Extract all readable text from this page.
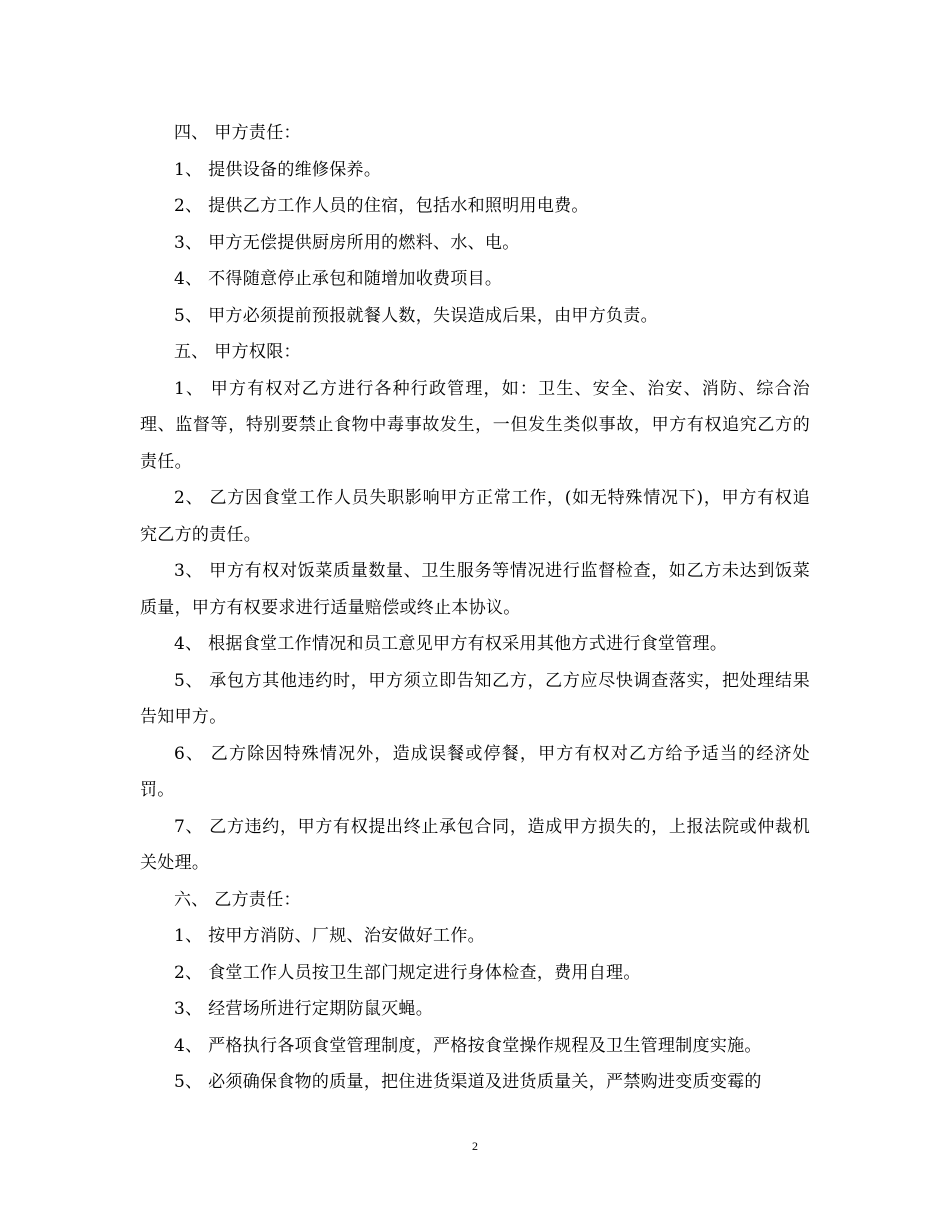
四、 甲方责任：

1、 提供设备的维修保养。

2、 提供乙方工作人员的住宿，包括水和照明用电费。

3、 甲方无偿提供厨房所用的燃料、水、电。

4、 不得随意停止承包和随增加收费项目。

5、 甲方必须提前预报就餐人数，失误造成后果，由甲方负责。

五、 甲方权限：

1、 甲方有权对乙方进行各种行政管理，如：卫生、安全、治安、消防、综合治理、监督等，特别要禁止食物中毒事故发生，一但发生类似事故，甲方有权追究乙方的责任。

2、 乙方因食堂工作人员失职影响甲方正常工作，(如无特殊情况下)，甲方有权追究乙方的责任。

3、 甲方有权对饭菜质量数量、卫生服务等情况进行监督检查，如乙方未达到饭菜质量，甲方有权要求进行适量赔偿或终止本协议。

4、 根据食堂工作情况和员工意见甲方有权采用其他方式进行食堂管理。

5、 承包方其他违约时，甲方须立即告知乙方，乙方应尽快调查落实，把处理结果告知甲方。

6、 乙方除因特殊情况外，造成误餐或停餐，甲方有权对乙方给予适当的经济处罚。

7、 乙方违约，甲方有权提出终止承包合同，造成甲方损失的，上报法院或仲裁机关处理。

六、 乙方责任：

1、 按甲方消防、厂规、治安做好工作。

2、 食堂工作人员按卫生部门规定进行身体检查，费用自理。

3、 经营场所进行定期防鼠灭蝇。

4、 严格执行各项食堂管理制度，严格按食堂操作规程及卫生管理制度实施。

5、 必须确保食物的质量，把住进货渠道及进货质量关，严禁购进变质变霉的

2
